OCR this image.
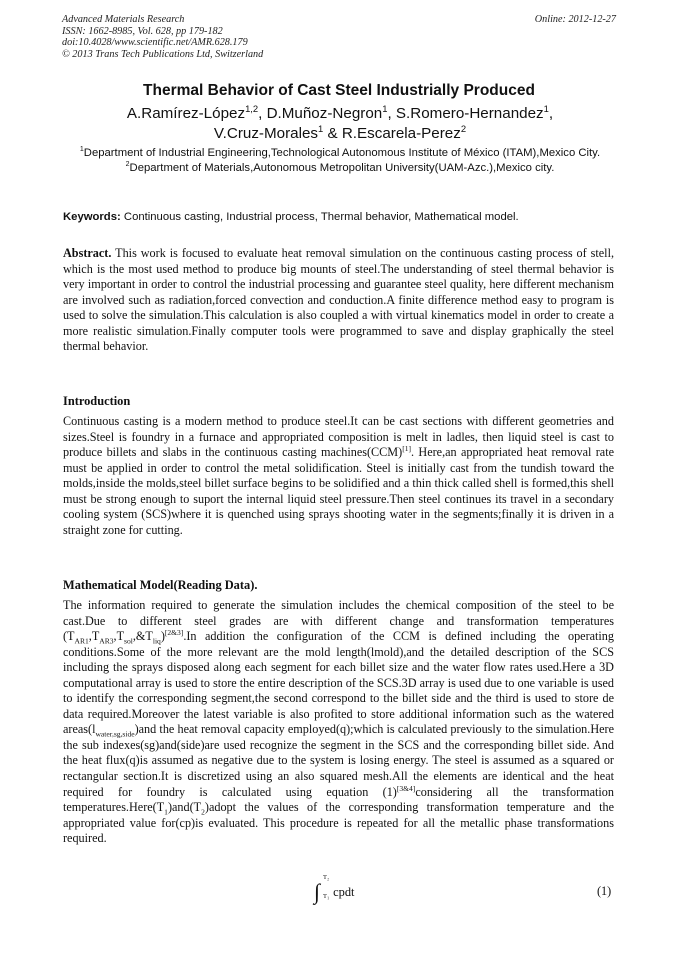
Advanced Materials Research
ISSN: 1662-8985, Vol. 628, pp 179-182
doi:10.4028/www.scientific.net/AMR.628.179
© 2013 Trans Tech Publications Ltd, Switzerland
Online: 2012-12-27
Thermal Behavior of Cast Steel Industrially Produced
A.Ramírez-López$^{1,2}$, D.Muñoz-Negron$^1$, S.Romero-Hernandez$^1$,
V.Cruz-Morales$^1$ & R.Escarela-Perez$^2$
$^1$Department of Industrial Engineering,Technological Autonomous Institute of México (ITAM),Mexico City.
$^2$Department of Materials,Autonomous Metropolitan University(UAM-Azc.),Mexico city.
Keywords: Continuous casting, Industrial process, Thermal behavior, Mathematical model.

Abstract. This work is focused to evaluate heat removal simulation on the continuous casting process of stell, which is the most used method to produce big mounts of steel.The understanding of steel thermal behavior is very important in order to control the industrial processing and guarantee steel quality, here different mechanism are involved such as radiation,forced convection and conduction.A finite difference method easy to program is used to solve the simulation.This calculation is also coupled a with virtual kinematics model in order to create a more realistic simulation.Finally computer tools were programmed to save and display graphically the steel thermal behavior.

Introduction

Continuous casting is a modern method to produce steel.It can be cast sections with different geometries and sizes.Steel is foundry in a furnace and appropriated composition is melt in ladles, then liquid steel is cast to produce billets and slabs in the continuous casting machines(CCM)[1]. Here,an appropriated heat removal rate must be applied in order to control the metal solidification. Steel is initially cast from the tundish toward the molds,inside the molds,steel billet surface begins to be solidified and a thin thick called shell is formed,this shell must be strong enough to suport the internal liquid steel pressure.Then steel continues its travel in a secondary cooling system (SCS)where it is quenched using sprays shooting water in the segments;finally it is driven in a straight zone for cutting.

Mathematical Model(Reading Data).

The information required to generate the simulation includes the chemical composition of the steel to be cast.Due to different steel grades are with different change and transformation temperatures $(T_{AR1},T_{AR3},T_{sol},\&T_{liq})[2\&3].In$ addition the configuration of the CCM is defined including the operating conditions.Some of the more relevant are the mold length(lmold),and the detailed description of the SCS including the sprays disposed along each segment for each billet size and the water flow rates used.Here a 3D computational array is used to store the entire description of the SCS.3D array is used due to one variable is used to identify the corresponding segment,the second correspond to the billet side and the third is used to store de data required.Moreover the latest variable is also profited to store additional information such as the watered $areas(l_{water,sg,side})and$ the heat removal capacity employed(q);which is calculated previously to the simulation.Here the sub indexes(sg)and(side)are used recognize the segment in the SCS and the corresponding billet side. And the heat flux(q)is assumed as negative due to the system is losing energy. The steel is assumed as a squared or rectangular section.It is discretized using an also squared mesh.All the elements are identical and the heat required for foundry is calculated using equation (1)[3&4]considering all the transformation $temperatures.Here(T_1)and(T_2)adopt$ the values of the corresponding transformation temperature and the appropriated value for(cp)is evaluated. This procedure is repeated for all the metallic phase transformations required.

∫
T₂
T₁ cpdt	(1)
